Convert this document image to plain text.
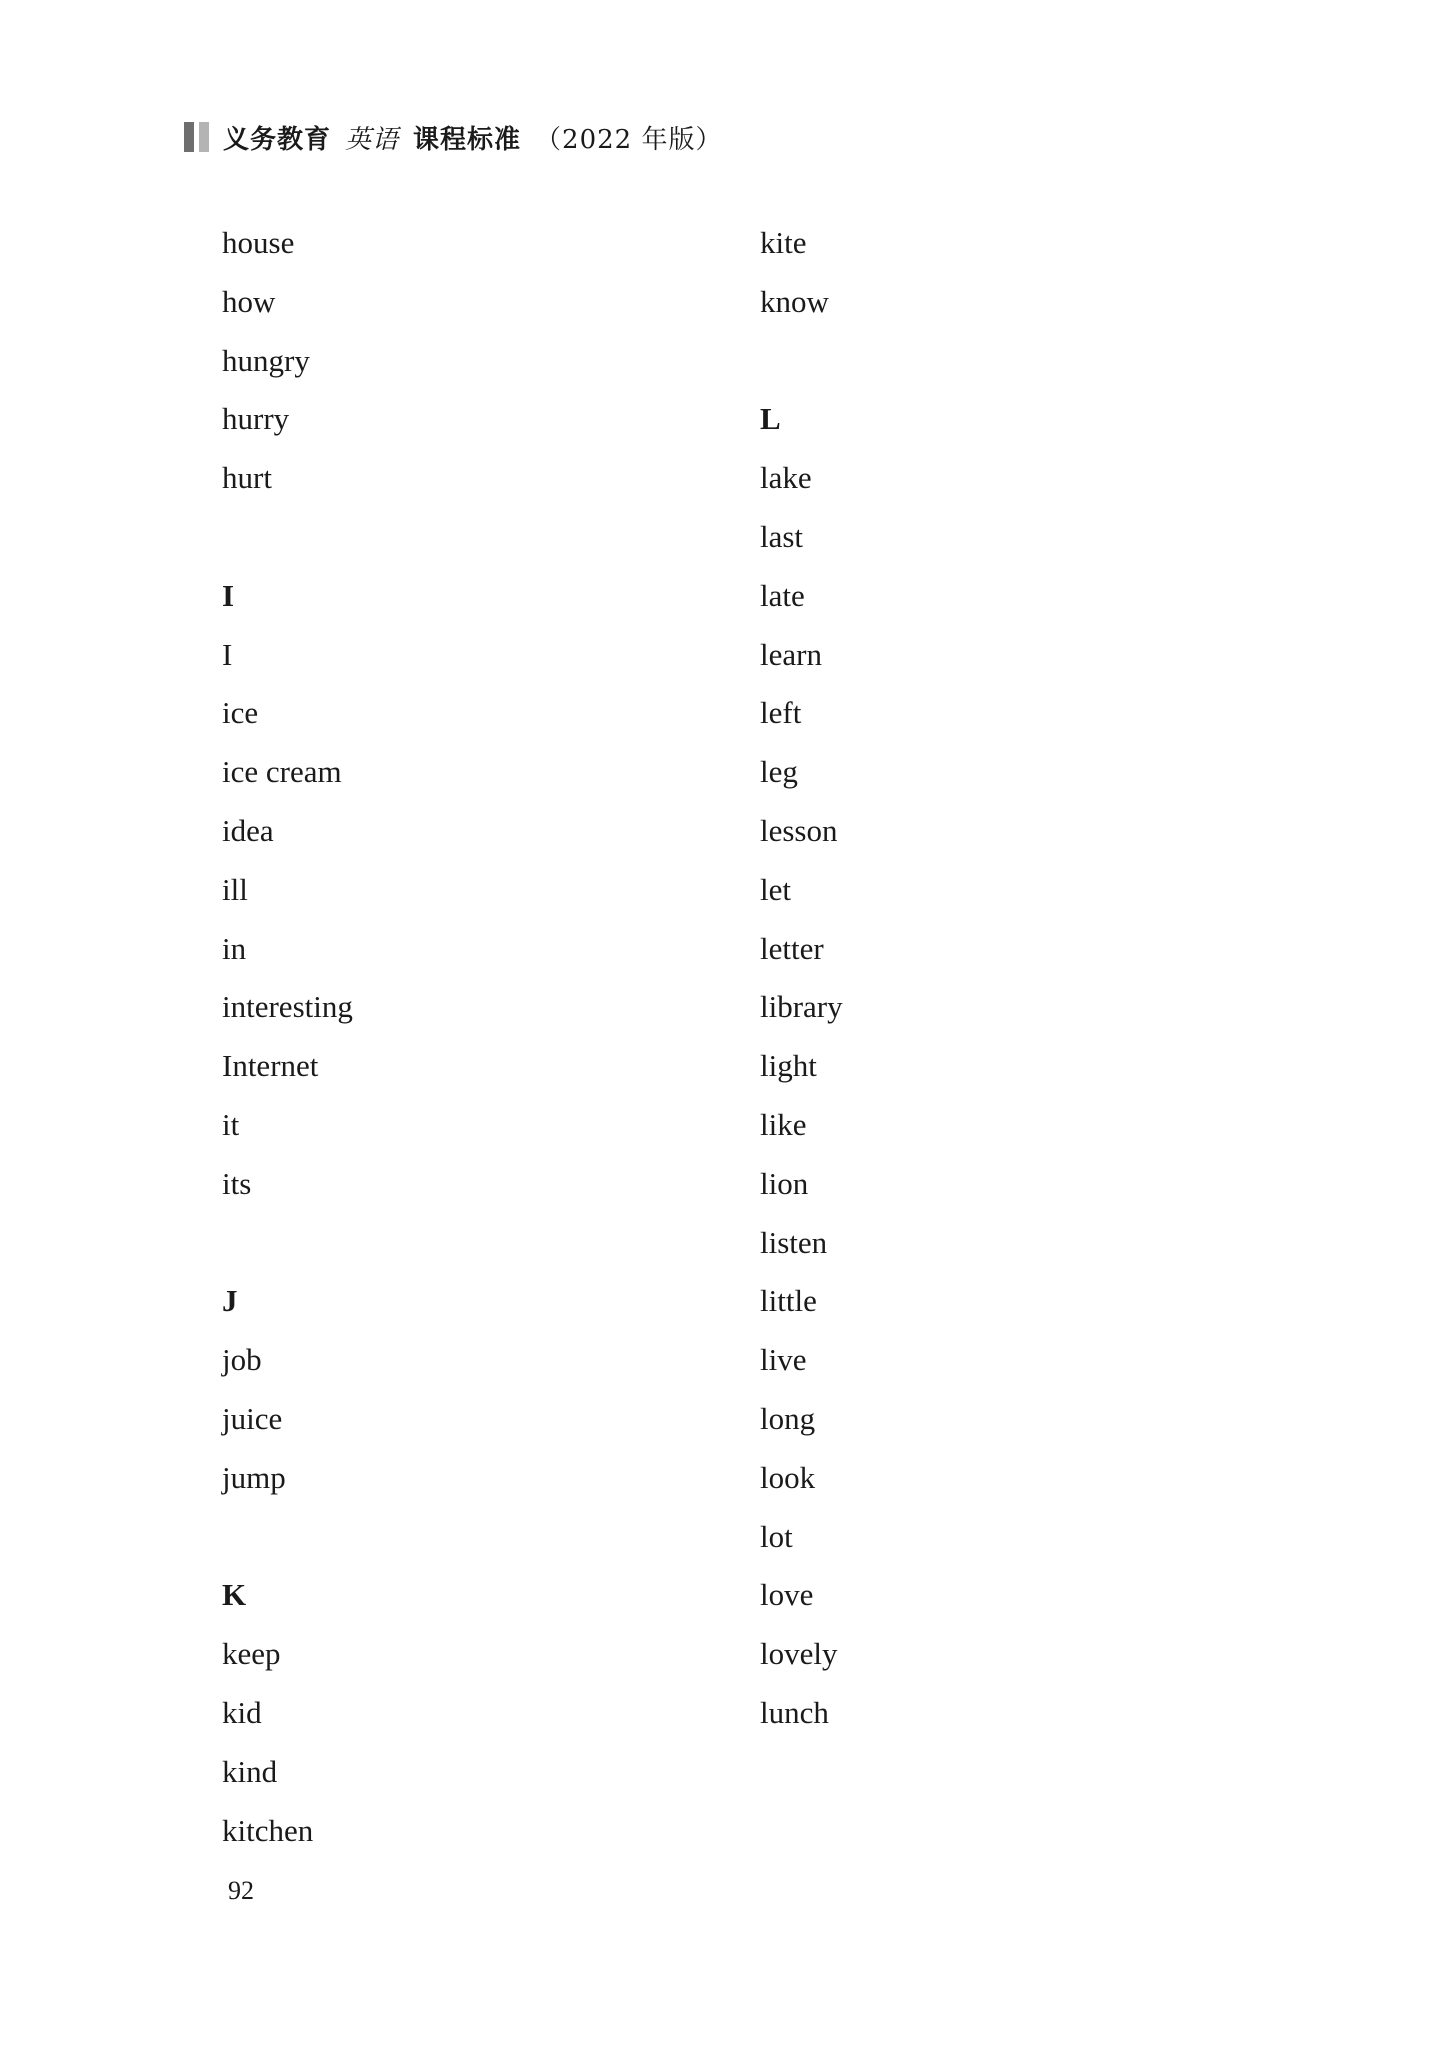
义务教育 英语 课程标准 （2022 年版）
house
how
hungry
hurry
hurt
I
I
ice
ice cream
idea
ill
in
interesting
Internet
it
its
J
job
juice
jump
K
keep
kid
kind
kitchen
kite
know
L
lake
last
late
learn
left
leg
lesson
let
letter
library
light
like
lion
listen
little
live
long
look
lot
love
lovely
lunch
92
